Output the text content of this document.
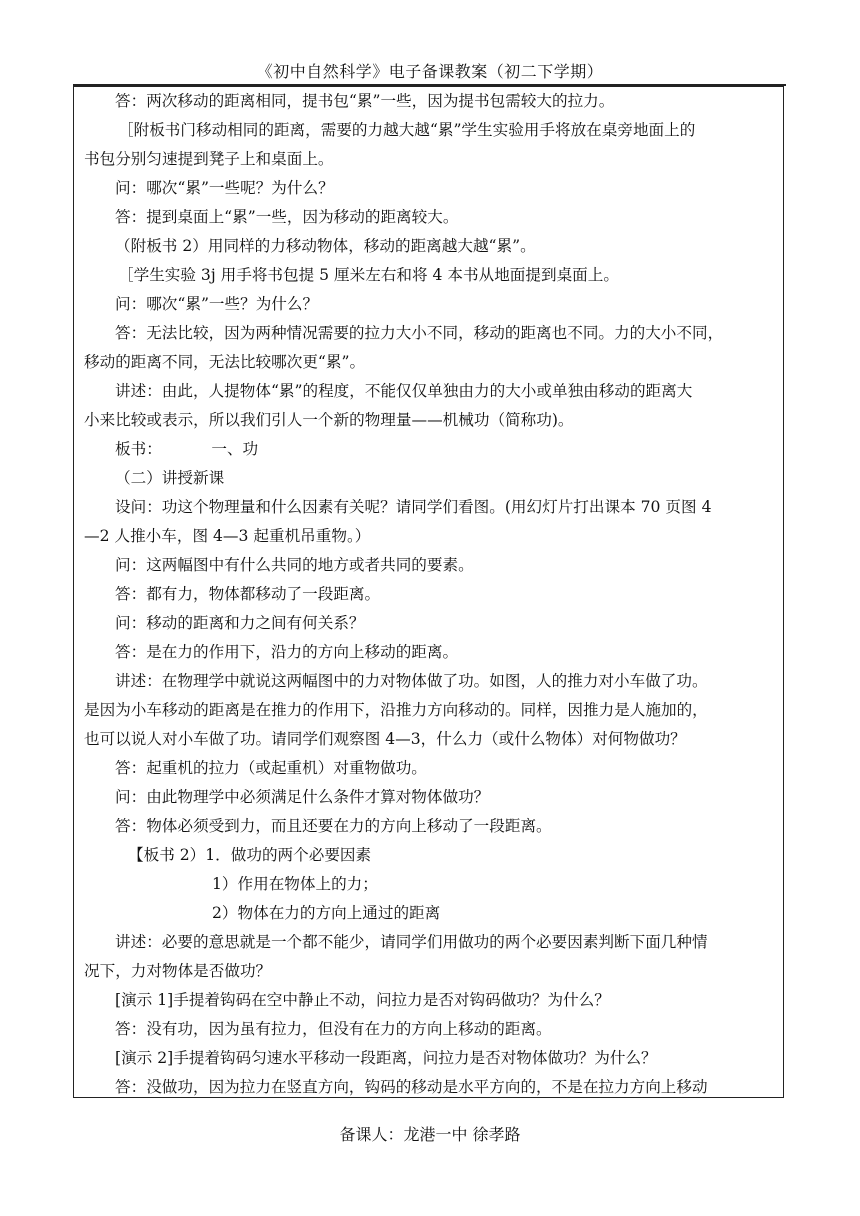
《初中自然科学》电子备课教案（初二下学期）
答：两次移动的距离相同，提书包“累”一些，因为提书包需较大的拉力。
［附板书门移动相同的距离，需要的力越大越“累”学生实验用手将放在桌旁地面上的
书包分别匀速提到凳子上和桌面上。
问：哪次“累”一些呢？为什么？
答：提到桌面上“累”一些，因为移动的距离较大。
（附板书 2）用同样的力移动物体，移动的距离越大越“累”。
［学生实验 3j 用手将书包提 5 厘米左右和将 4 本书从地面提到桌面上。
问：哪次“累”一些？为什么？
答：无法比较，因为两种情况需要的拉力大小不同，移动的距离也不同。力的大小不同，
移动的距离不同，无法比较哪次更“累”。
讲述：由此，人提物体“累”的程度，不能仅仅单独由力的大小或单独由移动的距离大
小来比较或表示，所以我们引人一个新的物理量——机械功（简称功)。
板书：          一、功
（二）讲授新课
设问：功这个物理量和什么因素有关呢？请同学们看图。(用幻灯片打出课本 70 页图 4
—2 人推小车，图 4—3 起重机吊重物。）
问：这两幅图中有什么共同的地方或者共同的要素。
答：都有力，物体都移动了一段距离。
问：移动的距离和力之间有何关系？
答：是在力的作用下，沿力的方向上移动的距离。
讲述：在物理学中就说这两幅图中的力对物体做了功。如图，人的推力对小车做了功。
是因为小车移动的距离是在推力的作用下，沿推力方向移动的。同样，因推力是人施加的，
也可以说人对小车做了功。请同学们观察图 4—3，什么力（或什么物体）对何物做功？
答：起重机的拉力（或起重机）对重物做功。
问：由此物理学中必须满足什么条件才算对物体做功？
答：物体必须受到力，而且还要在力的方向上移动了一段距离。
【板书 2）1．做功的两个必要因素
1）作用在物体上的力；
2）物体在力的方向上通过的距离
讲述：必要的意思就是一个都不能少，请同学们用做功的两个必要因素判断下面几种情
况下，力对物体是否做功？
[演示 1]手提着钩码在空中静止不动，问拉力是否对钩码做功？为什么？
答：没有功，因为虽有拉力，但没有在力的方向上移动的距离。
[演示 2]手提着钩码匀速水平移动一段距离，问拉力是否对物体做功？为什么？
答：没做功，因为拉力在竖直方向，钩码的移动是水平方向的，不是在拉力方向上移动
备课人：龙港一中 徐孝路
